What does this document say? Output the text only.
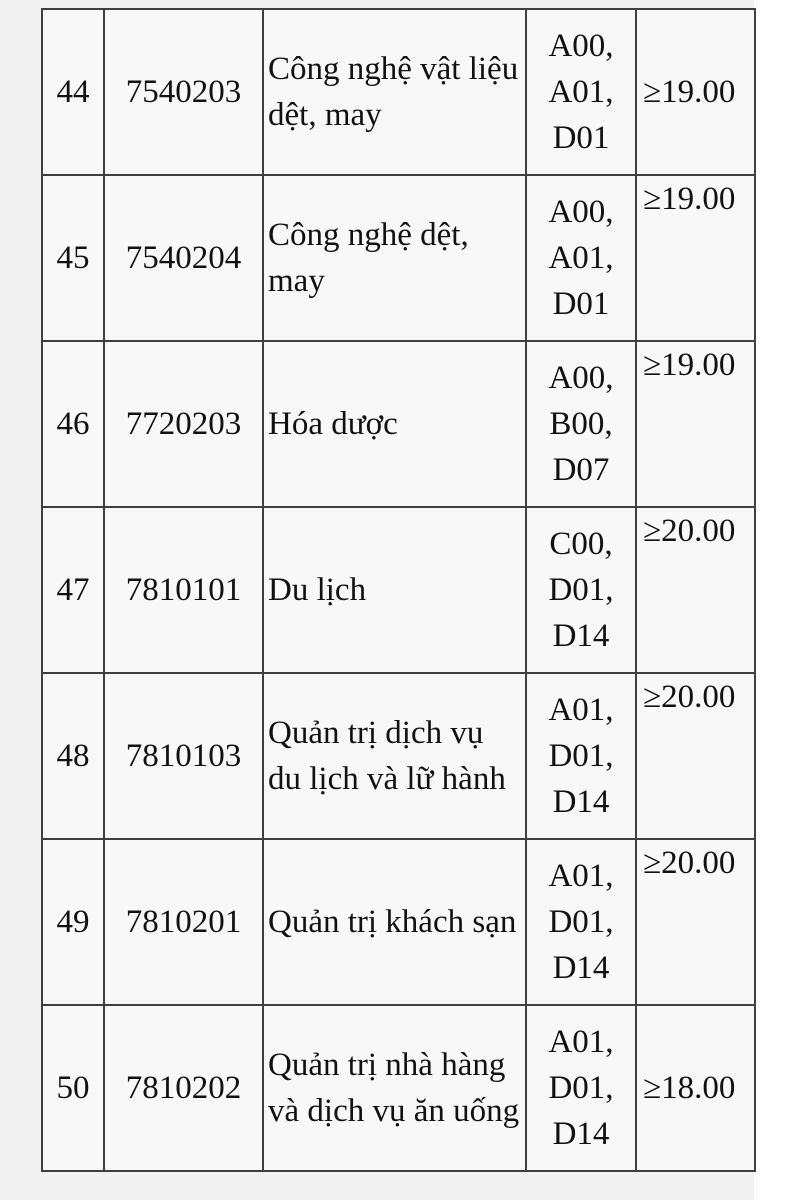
44	7540203	Công nghệ vật liệu dệt, may	A00,
A01,
D01	≥19.00

45	7540204	Công nghệ dệt, may	A00,
A01,
D01	≥19.00

46	7720203	Hóa dược	A00,
B00,
D07	≥19.00

47	7810101	Du lịch	C00,
D01,
D14	≥20.00

48	7810103	Quản trị dịch vụ du lịch và lữ hành	A01,
D01,
D14	≥20.00

49	7810201	Quản trị khách sạn	A01,
D01,
D14	≥20.00

50	7810202	Quản trị nhà hàng và dịch vụ ăn uống	A01,
D01,
D14	≥18.00
